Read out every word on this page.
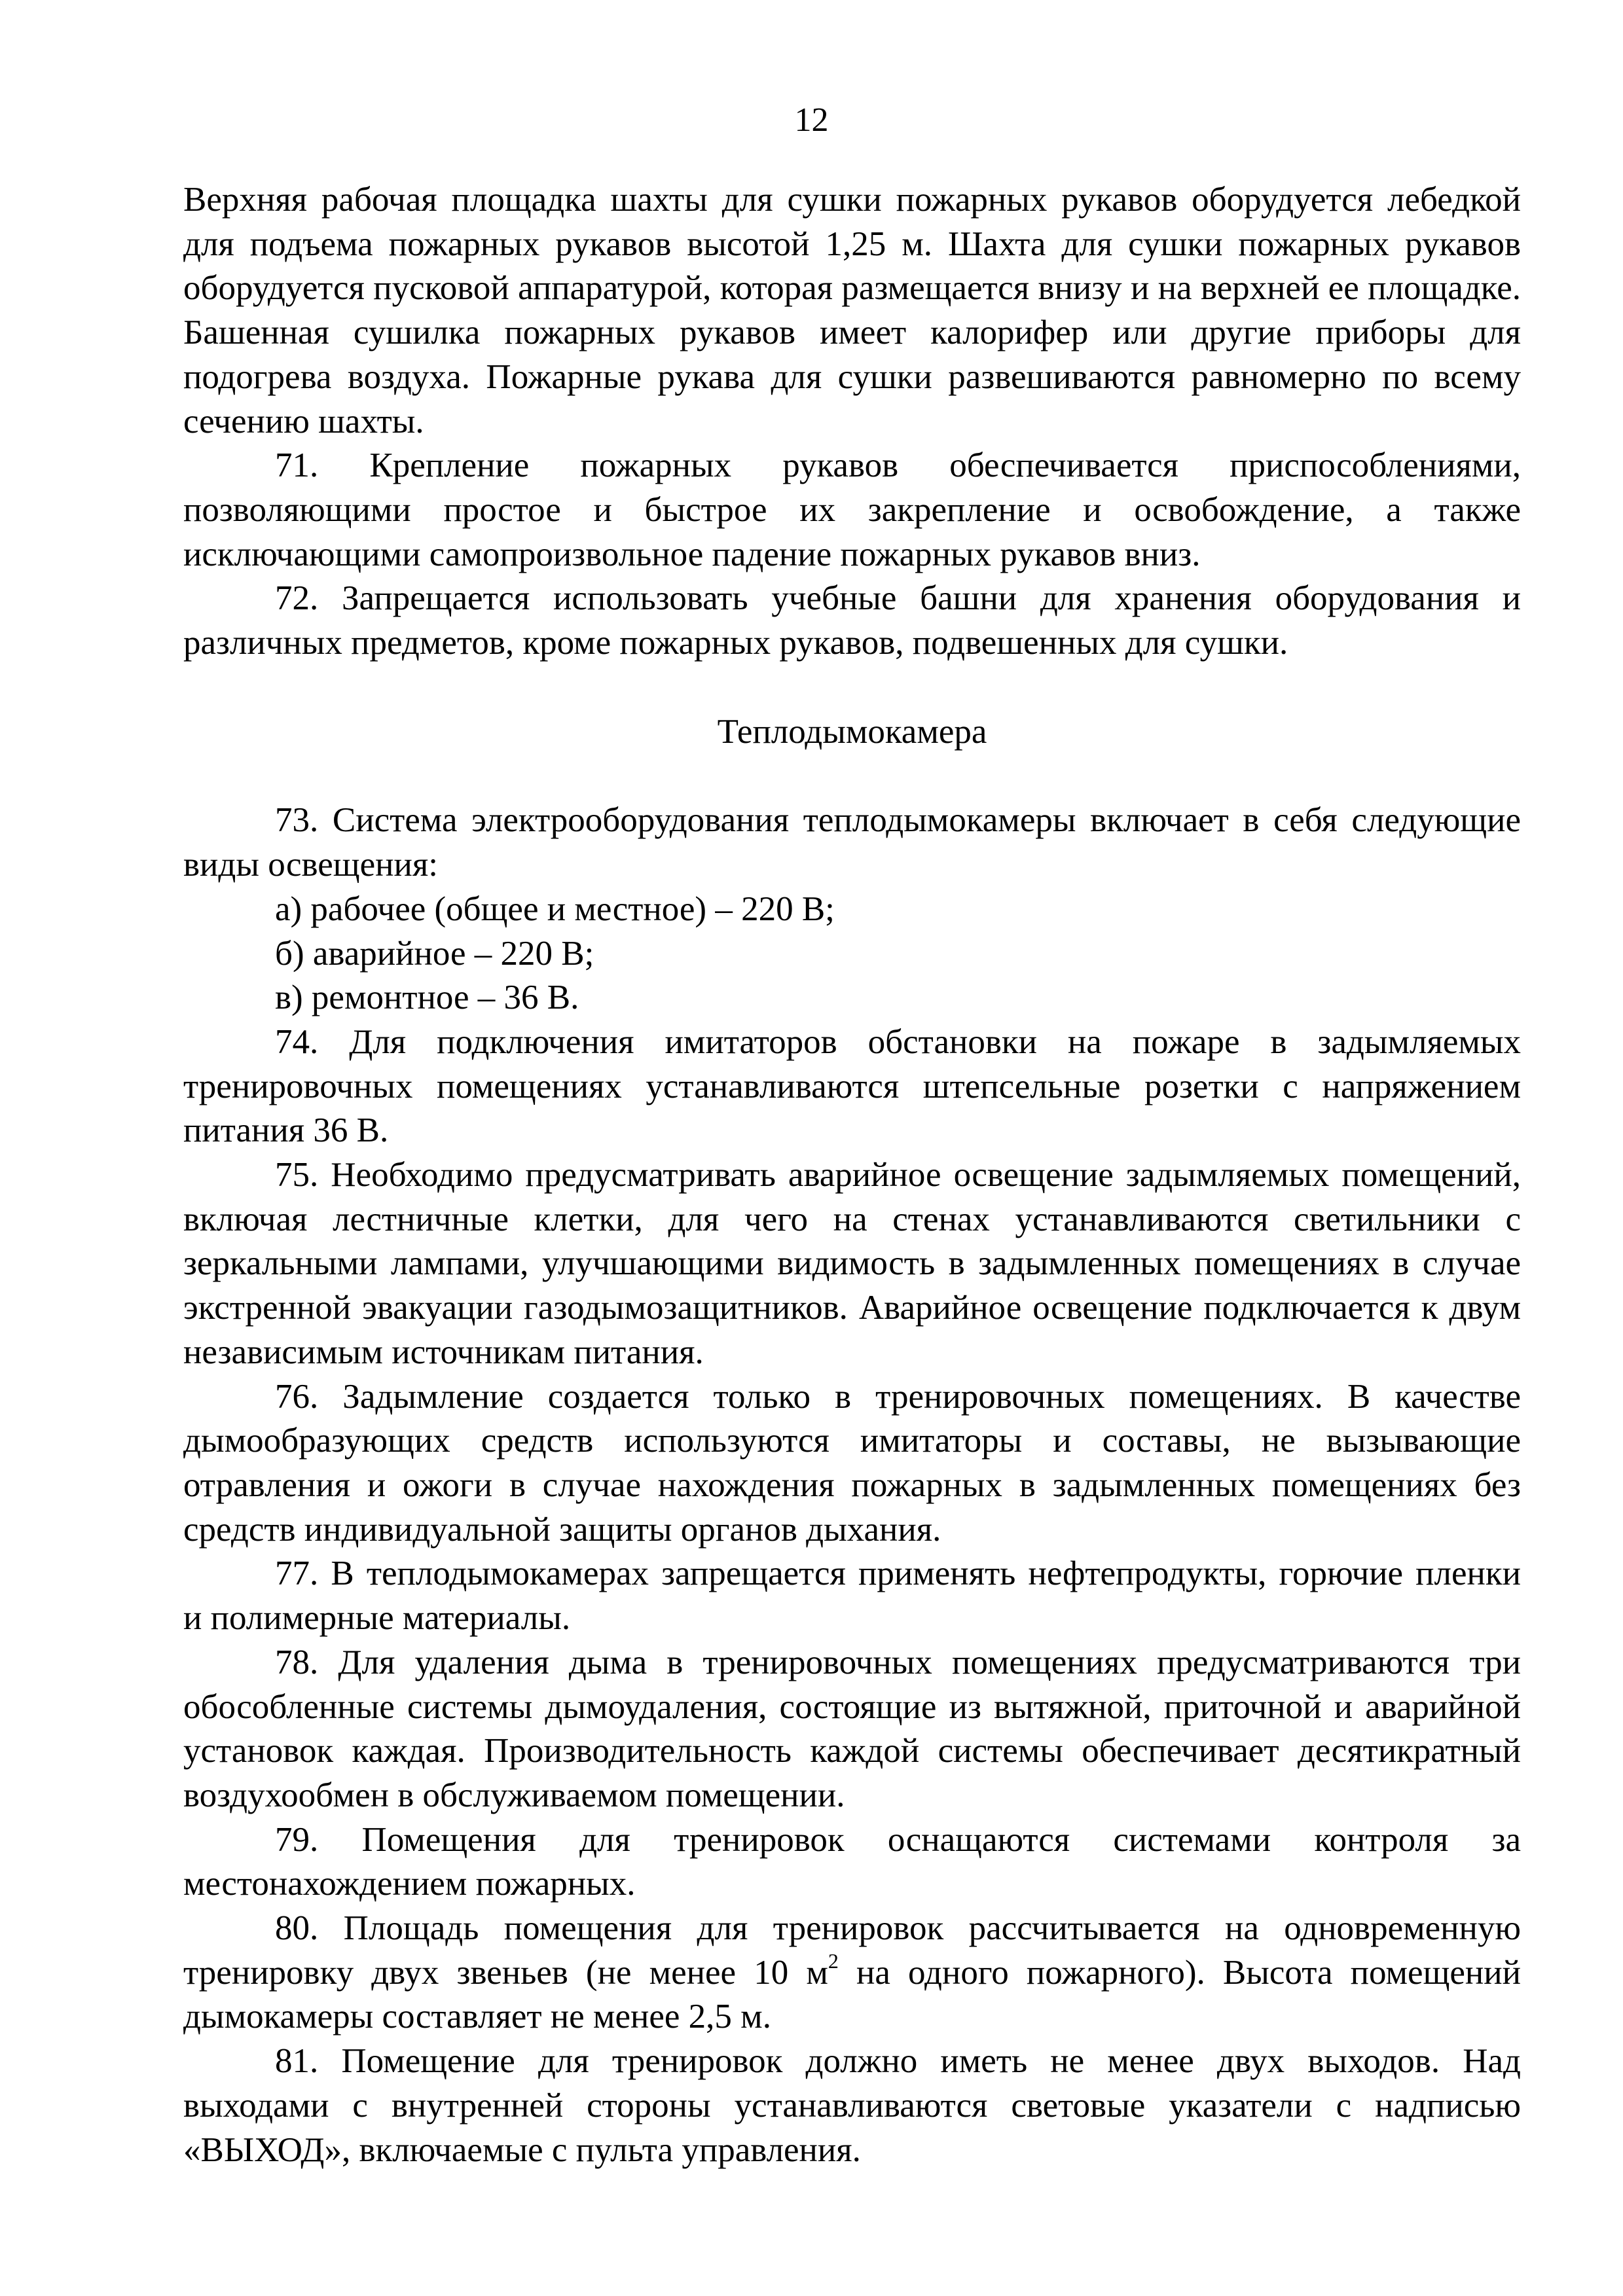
12

Верхняя рабочая площадка шахты для сушки пожарных рукавов оборудуется лебедкой для подъема пожарных рукавов высотой 1,25 м. Шахта для сушки пожарных рукавов оборудуется пусковой аппаратурой, которая размещается внизу и на верхней ее площадке. Башенная сушилка пожарных рукавов имеет калорифер или другие приборы для подогрева воздуха. Пожарные рукава для сушки развешиваются равномерно по всему сечению шахты.

71. Крепление пожарных рукавов обеспечивается приспособлениями, позволяющими простое и быстрое их закрепление и освобождение, а также исключающими самопроизвольное падение пожарных рукавов вниз.

72. Запрещается использовать учебные башни для хранения оборудования и различных предметов, кроме пожарных рукавов, подвешенных для сушки.

Теплодымокамера

73. Система электрооборудования теплодымокамеры включает в себя следующие виды освещения:

а) рабочее (общее и местное) – 220 В;

б) аварийное – 220 В;

в) ремонтное – 36 В.

74. Для подключения имитаторов обстановки на пожаре в задымляемых тренировочных помещениях устанавливаются штепсельные розетки с напряжением питания 36 В.

75. Необходимо предусматривать аварийное освещение задымляемых помещений, включая лестничные клетки, для чего на стенах устанавливаются светильники с зеркальными лампами, улучшающими видимость в задымленных помещениях в случае экстренной эвакуации газодымозащитников. Аварийное освещение подключается к двум независимым источникам питания.

76. Задымление создается только в тренировочных помещениях. В качестве дымообразующих средств используются имитаторы и составы, не вызывающие отравления и ожоги в случае нахождения пожарных в задымленных помещениях без средств индивидуальной защиты органов дыхания.

77. В теплодымокамерах запрещается применять нефтепродукты, горючие пленки и полимерные материалы.

78. Для удаления дыма в тренировочных помещениях предусматриваются три обособленные системы дымоудаления, состоящие из вытяжной, приточной и аварийной установок каждая. Производительность каждой системы обеспечивает десятикратный воздухообмен в обслуживаемом помещении.

79. Помещения для тренировок оснащаются системами контроля за местонахождением пожарных.

80. Площадь помещения для тренировок рассчитывается на одновременную тренировку двух звеньев (не менее 10 $м^2$ на одного пожарного). Высота помещений дымокамеры составляет не менее 2,5 м.

81. Помещение для тренировок должно иметь не менее двух выходов. Над выходами с внутренней стороны устанавливаются световые указатели с надписью «ВЫХОД», включаемые с пульта управления.
